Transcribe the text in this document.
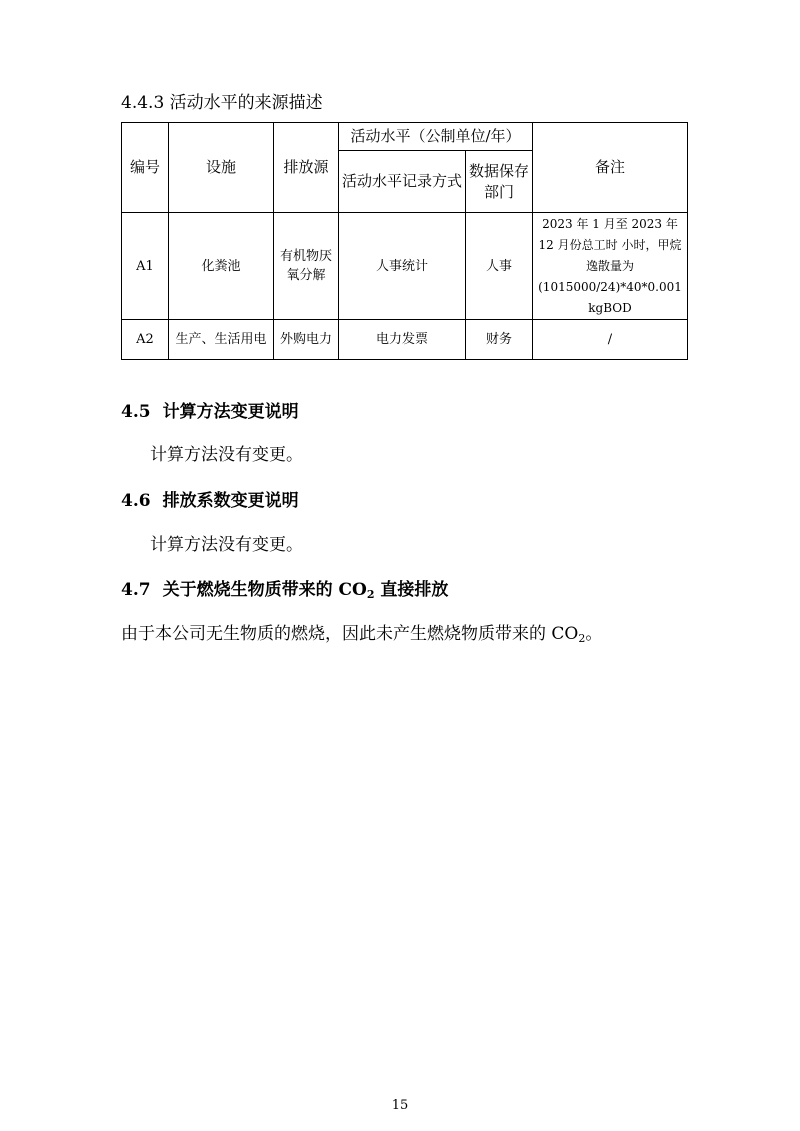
4.4.3 活动水平的来源描述
编号	设施	排放源	活动水平（公制单位/年）		备注
			活动水平记录方式	数据保存部门	
A1	化粪池	有机物厌氧分解	人事统计	人事	2023 年 1 月至 2023 年 12 月份总工时 小时，甲烷逸散量为 (1015000/24)*40*0.001 kgBOD
A2	生产、生活用电	外购电力	电力发票	财务	/
4.5 计算方法变更说明
计算方法没有变更。
4.6 排放系数变更说明
计算方法没有变更。
4.7 关于燃烧生物质带来的 $CO_2$ 直接排放
由于本公司无生物质的燃烧，因此未产生燃烧物质带来的 $CO_2$。
15
